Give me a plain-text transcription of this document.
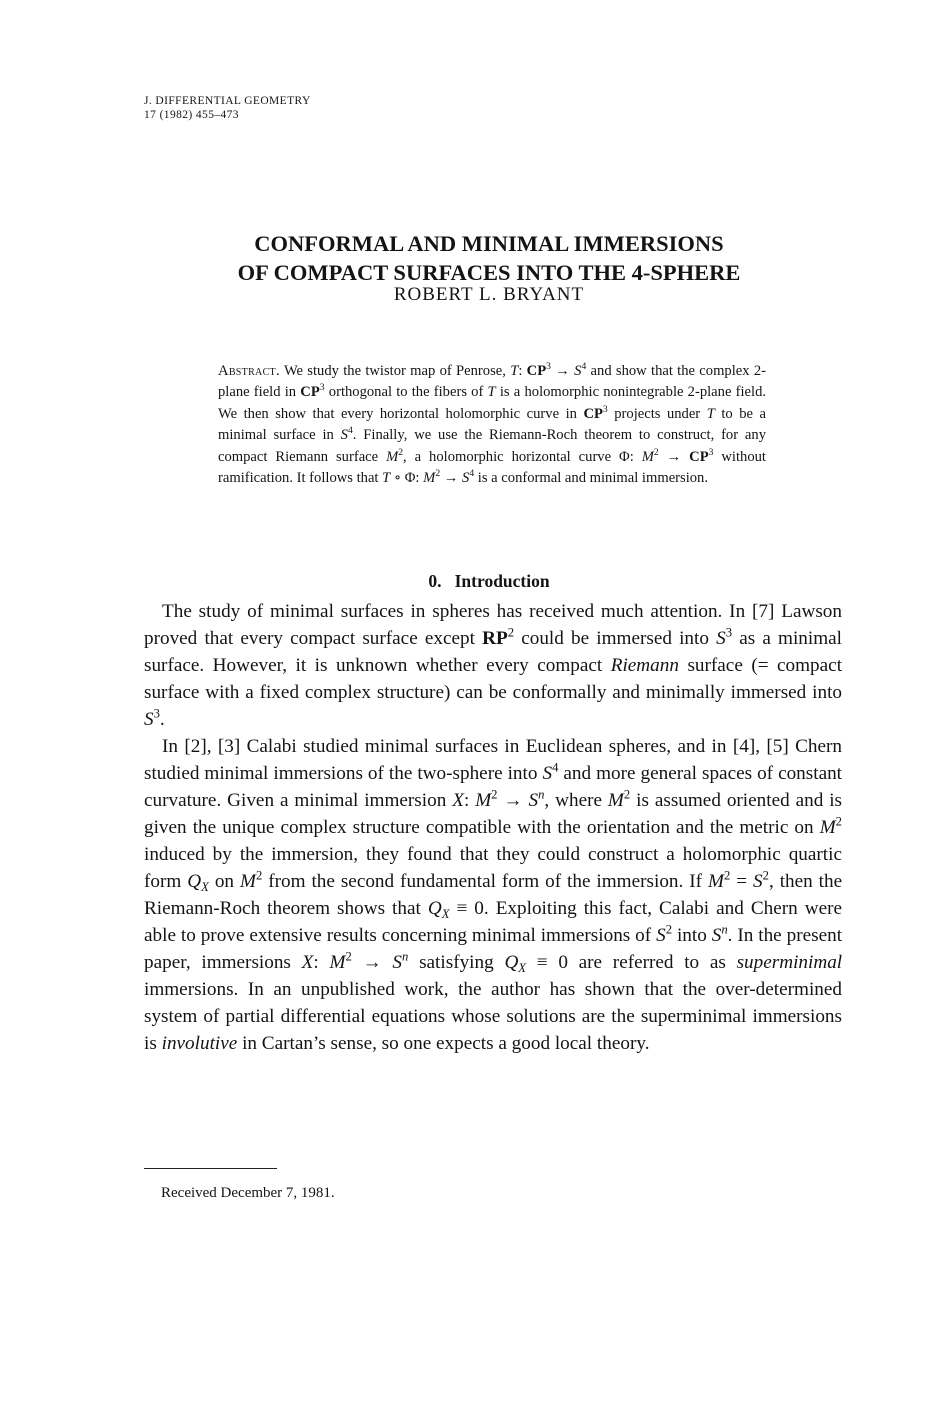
J. DIFFERENTIAL GEOMETRY
17 (1982) 455–473
CONFORMAL AND MINIMAL IMMERSIONS
OF COMPACT SURFACES INTO THE 4-SPHERE
ROBERT L. BRYANT

Abstract. We study the twistor map of Penrose, T: $CP^3 \to S^4$ and show that the complex 2-plane field in $CP^3$ orthogonal to the fibers of T is a holomorphic nonintegrable 2-plane field. We then show that every horizontal holomorphic curve in $CP^3$ projects under T to be a minimal surface in $S^4$. Finally, we use the Riemann-Roch theorem to construct, for any compact Riemann surface $M^2$, a holomorphic horizontal curve Φ: $M^2 \to CP^3$ without ramification. It follows that T ∘ Φ: $M^2 \to S^4$ is a conformal and minimal immersion.

0. Introduction

The study of minimal surfaces in spheres has received much attention. In [7] Lawson proved that every compact surface except $RP^2$ could be immersed into $S^3$ as a minimal surface. However, it is unknown whether every compact Riemann surface (= compact surface with a fixed complex structure) can be conformally and minimally immersed into $S^3$.

In [2], [3] Calabi studied minimal surfaces in Euclidean spheres, and in [4], [5] Chern studied minimal immersions of the two-sphere into $S^4$ and more general spaces of constant curvature. Given a minimal immersion X: $M^2 \to S^n$, where $M^2$ is assumed oriented and is given the unique complex structure compatible with the orientation and the metric on $M^2$ induced by the immersion, they found that they could construct a holomorphic quartic form $Q_X$ on $M^2$ from the second fundamental form of the immersion. If $M^2 = S^2$, then the Riemann-Roch theorem shows that $Q_X \equiv 0$. Exploiting this fact, Calabi and Chern were able to prove extensive results concerning minimal immersions of $S^2$ into $S^n$. In the present paper, immersions X: $M^2 \to S^n$ satisfying $Q_X \equiv 0$ are referred to as superminimal immersions. In an unpublished work, the author has shown that the over-determined system of partial differential equations whose solutions are the superminimal immersions is involutive in Cartan’s sense, so one expects a good local theory.

Received December 7, 1981.
